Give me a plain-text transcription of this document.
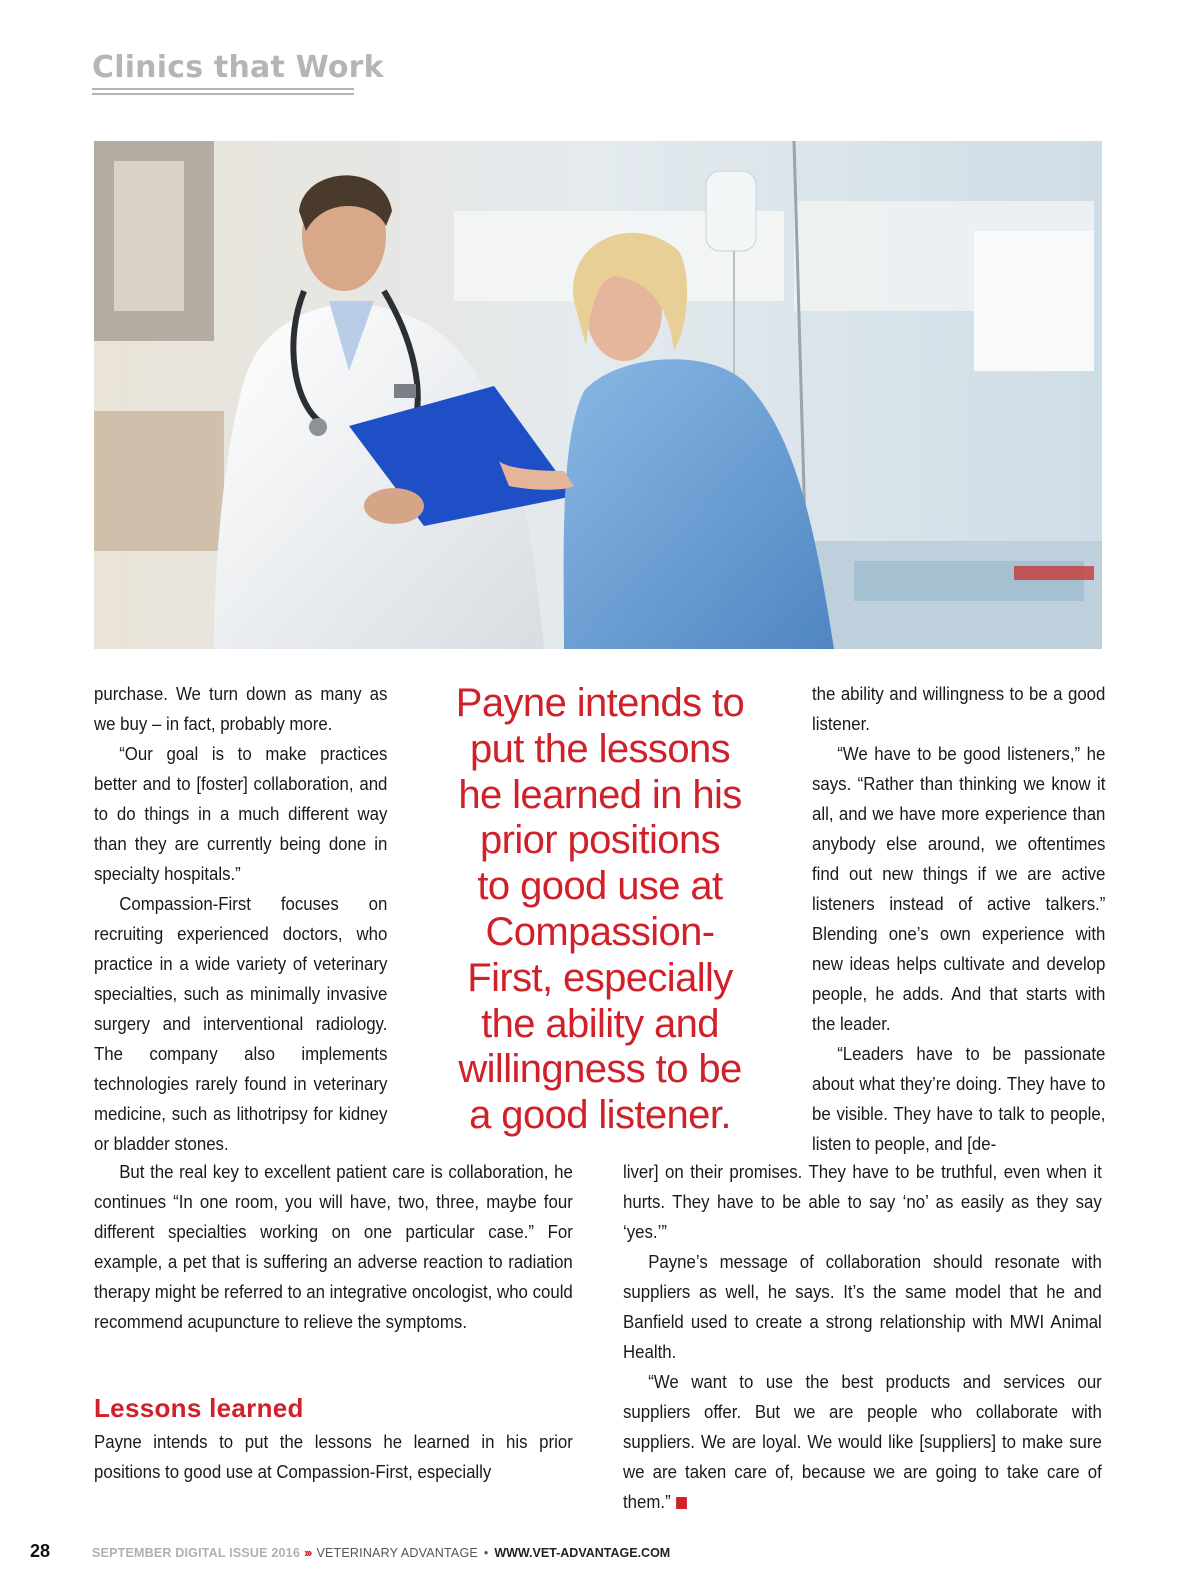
Clinics that Work

purchase. We turn down as many as we buy – in fact, probably more.

“Our goal is to make practices better and to [foster] collaboration, and to do things in a much different way than they are currently being done in specialty hospitals.”

Compassion-First focuses on recruiting experienced doctors, who practice in a wide variety of veterinary specialties, such as minimally invasive surgery and interventional radiology. The company also implements technologies rarely found in veterinary medicine, such as lithotripsy for kidney or bladder stones.

Payne intends to
put the lessons
he learned in his
prior positions
to good use at
Compassion-
First, especially
the ability and
willingness to be
a good listener.

the ability and willingness to be a good listener.

“We have to be good listeners,” he says. “Rather than thinking we know it all, and we have more experience than anybody else around, we oftentimes find out new things if we are active listeners instead of active talkers.” Blending one’s own experience with new ideas helps cultivate and develop people, he adds. And that starts with the leader.

“Leaders have to be passionate about what they’re doing. They have to be visible. They have to talk to people, listen to people, and [de-

But the real key to excellent patient care is collaboration, he continues “In one room, you will have, two, three, maybe four different specialties working on one particular case.” For example, a pet that is suffering an adverse reaction to radiation therapy might be referred to an integrative oncologist, who could recommend acupuncture to relieve the symptoms.

Lessons learned

Payne intends to put the lessons he learned in his prior positions to good use at Compassion-First, especially

liver] on their promises. They have to be truthful, even when it hurts. They have to be able to say ‘no’ as easily as they say ‘yes.’”

Payne’s message of collaboration should resonate with suppliers as well, he says. It’s the same model that he and Banfield used to create a strong relationship with MWI Animal Health.

“We want to use the best products and services our suppliers offer. But we are people who collaborate with suppliers. We are loyal. We would like [suppliers] to make sure we are taken care of, because we are going to take care of them.”

28	SEPTEMBER DIGITAL ISSUE 2016 ››› VETERINARY ADVANTAGE • WWW.VET-ADVANTAGE.COM
